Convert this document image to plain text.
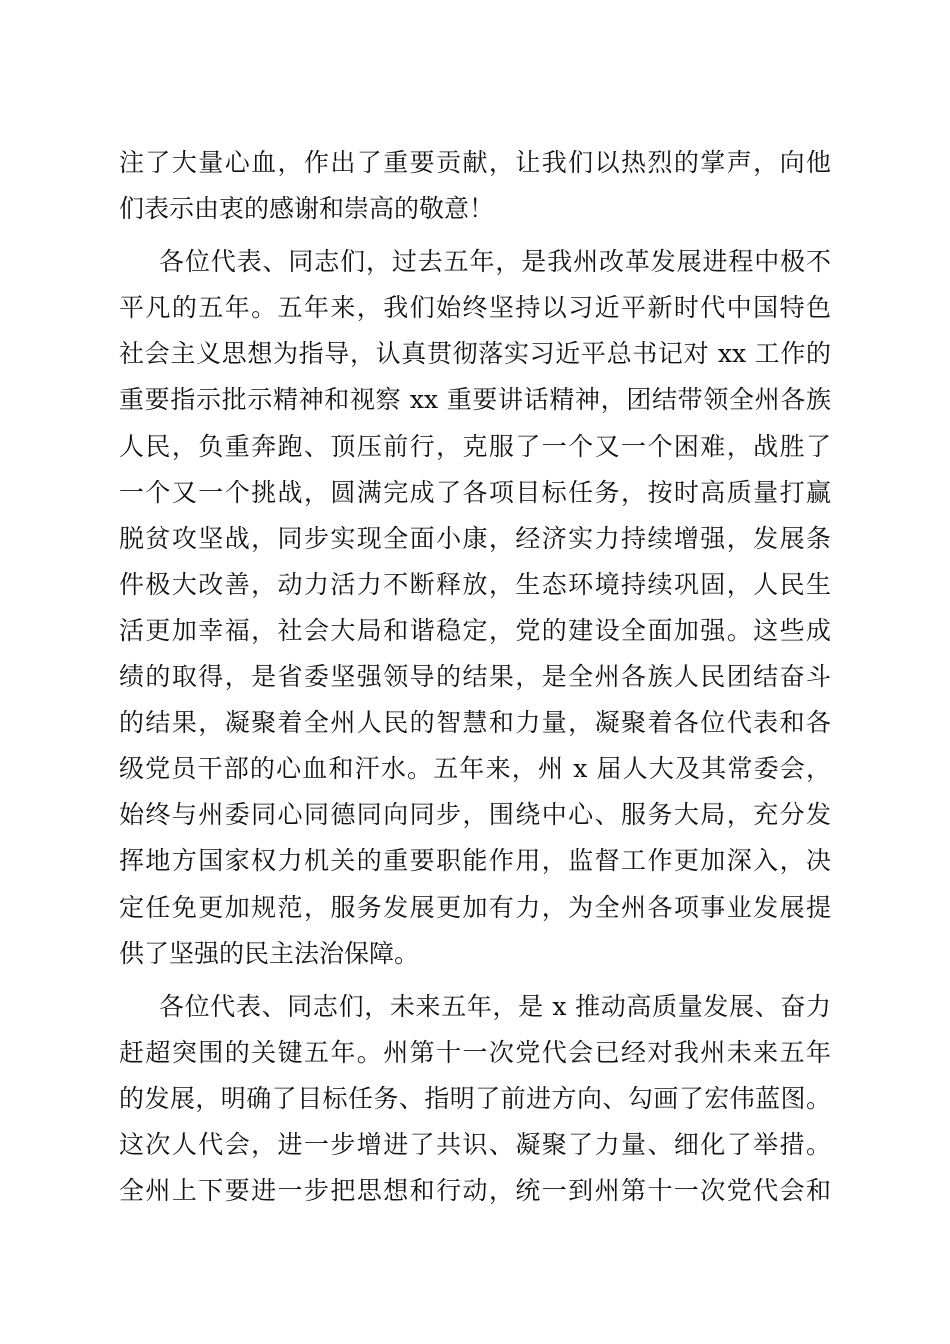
注了大量心血，作出了重要贡献，让我们以热烈的掌声，向他
们表示由衷的感谢和崇高的敬意！
各位代表、同志们，过去五年，是我州改革发展进程中极不
平凡的五年。五年来，我们始终坚持以习近平新时代中国特色
社会主义思想为指导，认真贯彻落实习近平总书记对 xx 工作的
重要指示批示精神和视察 xx 重要讲话精神，团结带领全州各族
人民，负重奔跑、顶压前行，克服了一个又一个困难，战胜了
一个又一个挑战，圆满完成了各项目标任务，按时高质量打赢
脱贫攻坚战，同步实现全面小康，经济实力持续增强，发展条
件极大改善，动力活力不断释放，生态环境持续巩固，人民生
活更加幸福，社会大局和谐稳定，党的建设全面加强。这些成
绩的取得，是省委坚强领导的结果，是全州各族人民团结奋斗
的结果，凝聚着全州人民的智慧和力量，凝聚着各位代表和各
级党员干部的心血和汗水。五年来，州 x 届人大及其常委会，
始终与州委同心同德同向同步，围绕中心、服务大局，充分发
挥地方国家权力机关的重要职能作用，监督工作更加深入，决
定任免更加规范，服务发展更加有力，为全州各项事业发展提
供了坚强的民主法治保障。
各位代表、同志们，未来五年，是 x 推动高质量发展、奋力
赶超突围的关键五年。州第十一次党代会已经对我州未来五年
的发展，明确了目标任务、指明了前进方向、勾画了宏伟蓝图。
这次人代会，进一步增进了共识、凝聚了力量、细化了举措。
全州上下要进一步把思想和行动，统一到州第十一次党代会和
